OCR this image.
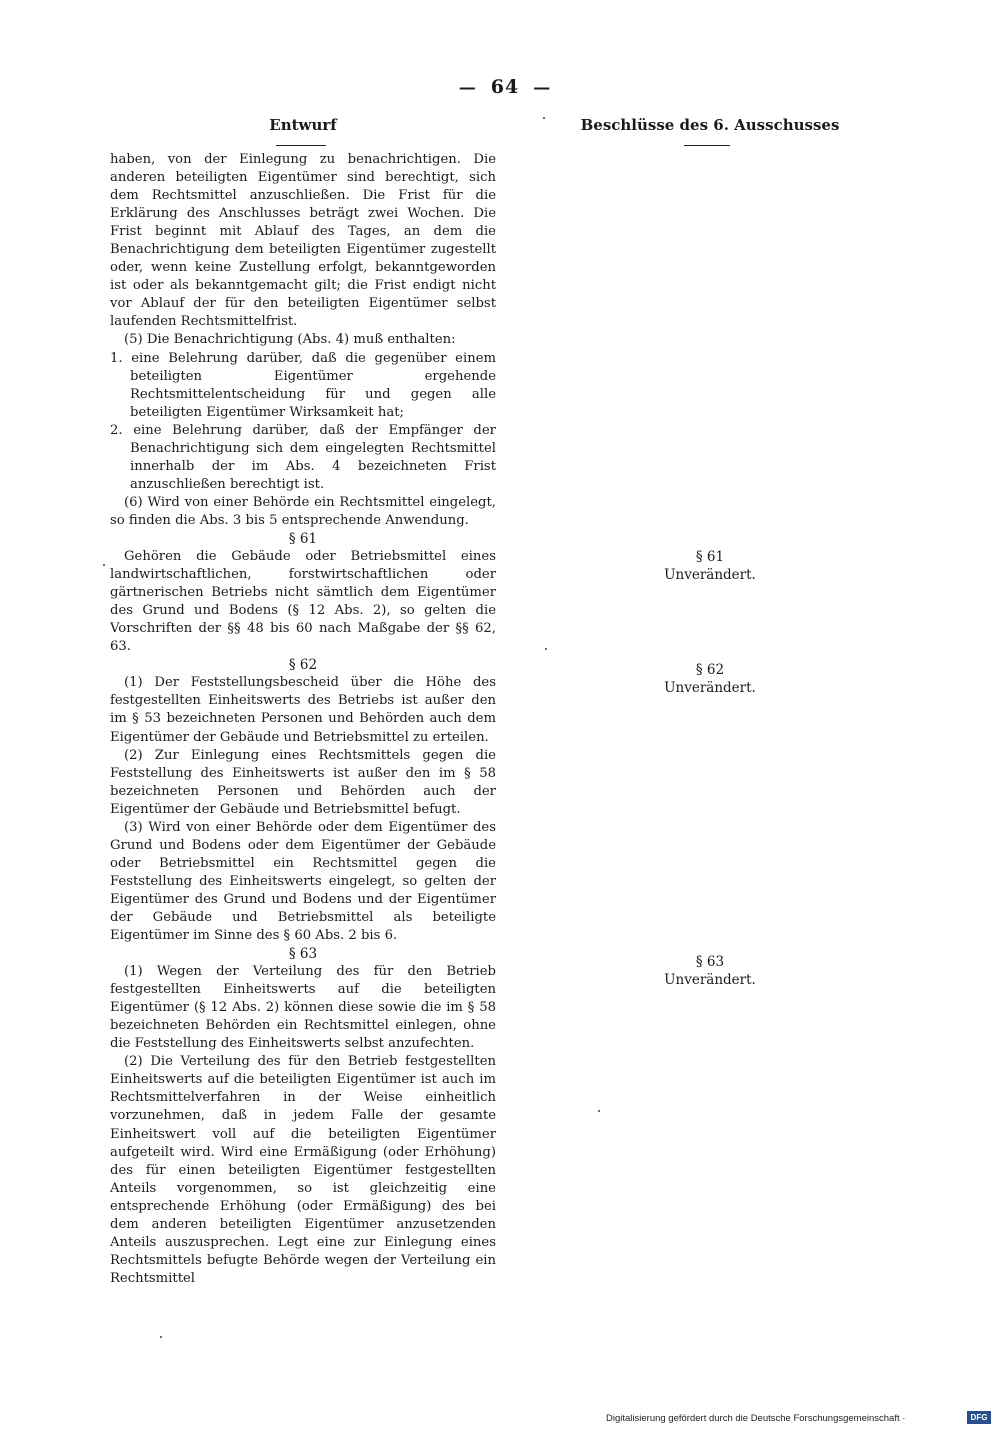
— 64 —
Entwurf	Beschlüsse des 6. Ausschusses

haben, von der Einlegung zu benachrichtigen. Die anderen beteiligten Eigentümer sind berechtigt, sich dem Rechtsmittel anzuschließen. Die Frist für die Erklärung des Anschlusses beträgt zwei Wochen. Die Frist beginnt mit Ablauf des Tages, an dem die Benachrichtigung dem beteiligten Eigentümer zugestellt oder, wenn keine Zustellung erfolgt, bekanntgeworden ist oder als bekanntgemacht gilt; die Frist endigt nicht vor Ablauf der für den beteiligten Eigentümer selbst laufenden Rechtsmittelfrist.

(5) Die Benachrichtigung (Abs. 4) muß enthalten:

1. eine Belehrung darüber, daß die gegenüber einem beteiligten Eigentümer ergehende Rechtsmittelentscheidung für und gegen alle beteiligten Eigentümer Wirksamkeit hat;

2. eine Belehrung darüber, daß der Empfänger der Benachrichtigung sich dem eingelegten Rechtsmittel innerhalb der im Abs. 4 bezeichneten Frist anzuschließen berechtigt ist.

(6) Wird von einer Behörde ein Rechtsmittel eingelegt, so finden die Abs. 3 bis 5 entsprechende Anwendung.

§ 61

Gehören die Gebäude oder Betriebsmittel eines landwirtschaftlichen, forstwirtschaftlichen oder gärtnerischen Betriebs nicht sämtlich dem Eigentümer des Grund und Bodens (§ 12 Abs. 2), so gelten die Vorschriften der §§ 48 bis 60 nach Maßgabe der §§ 62, 63.

§ 62

(1) Der Feststellungsbescheid über die Höhe des festgestellten Einheitswerts des Betriebs ist außer den im § 53 bezeichneten Personen und Behörden auch dem Eigentümer der Gebäude und Betriebsmittel zu erteilen.

(2) Zur Einlegung eines Rechtsmittels gegen die Feststellung des Einheitswerts ist außer den im § 58 bezeichneten Personen und Behörden auch der Eigentümer der Gebäude und Betriebsmittel befugt.

(3) Wird von einer Behörde oder dem Eigentümer des Grund und Bodens oder dem Eigentümer der Gebäude oder Betriebsmittel ein Rechtsmittel gegen die Feststellung des Einheitswerts eingelegt, so gelten der Eigentümer des Grund und Bodens und der Eigentümer der Gebäude und Betriebsmittel als beteiligte Eigentümer im Sinne des § 60 Abs. 2 bis 6.

§ 63

(1) Wegen der Verteilung des für den Betrieb festgestellten Einheitswerts auf die beteiligten Eigentümer (§ 12 Abs. 2) können diese sowie die im § 58 bezeichneten Behörden ein Rechtsmittel einlegen, ohne die Feststellung des Einheitswerts selbst anzufechten.

(2) Die Verteilung des für den Betrieb festgestellten Einheitswerts auf die beteiligten Eigentümer ist auch im Rechtsmittelverfahren in der Weise einheitlich vorzunehmen, daß in jedem Falle der gesamte Einheitswert voll auf die beteiligten Eigentümer aufgeteilt wird. Wird eine Ermäßigung (oder Erhöhung) des für einen beteiligten Eigentümer festgestellten Anteils vorgenommen, so ist gleichzeitig eine entsprechende Erhöhung (oder Ermäßigung) des bei dem anderen beteiligten Eigentümer anzusetzenden Anteils auszusprechen. Legt eine zur Einlegung eines Rechtsmittels befugte Behörde wegen der Verteilung ein Rechtsmittel

§ 61
Unverändert.
§ 62
Unverändert.
§ 63
Unverändert.
Digitalisierung gefördert durch die Deutsche Forschungsgemeinschaft ·	DFG
